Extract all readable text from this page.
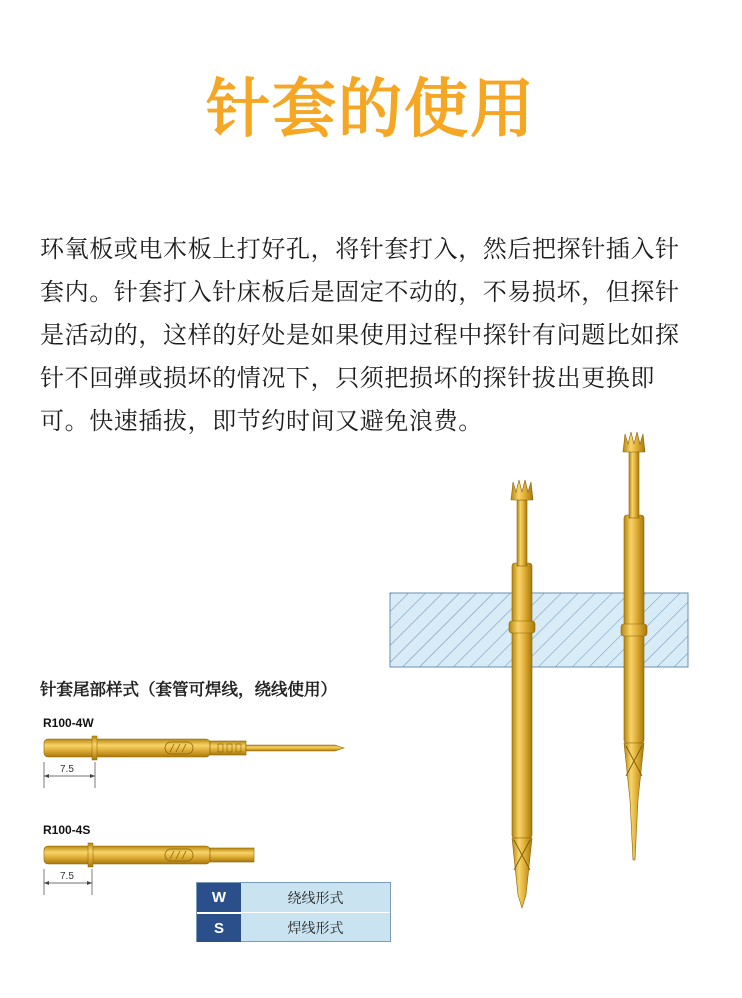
针套的使用
环氧板或电木板上打好孔，将针套打入，然后把探针插入针套内。针套打入针床板后是固定不动的，不易损坏，但探针是活动的，这样的好处是如果使用过程中探针有问题比如探针不回弹或损坏的情况下，只须把损坏的探针拔出更换即可。快速插拔，即节约时间又避免浪费。
针套尾部样式（套管可焊线，绕线使用）
R100-4W
7.5
R100-4S
7.5
W	绕线形式
S	焊线形式
